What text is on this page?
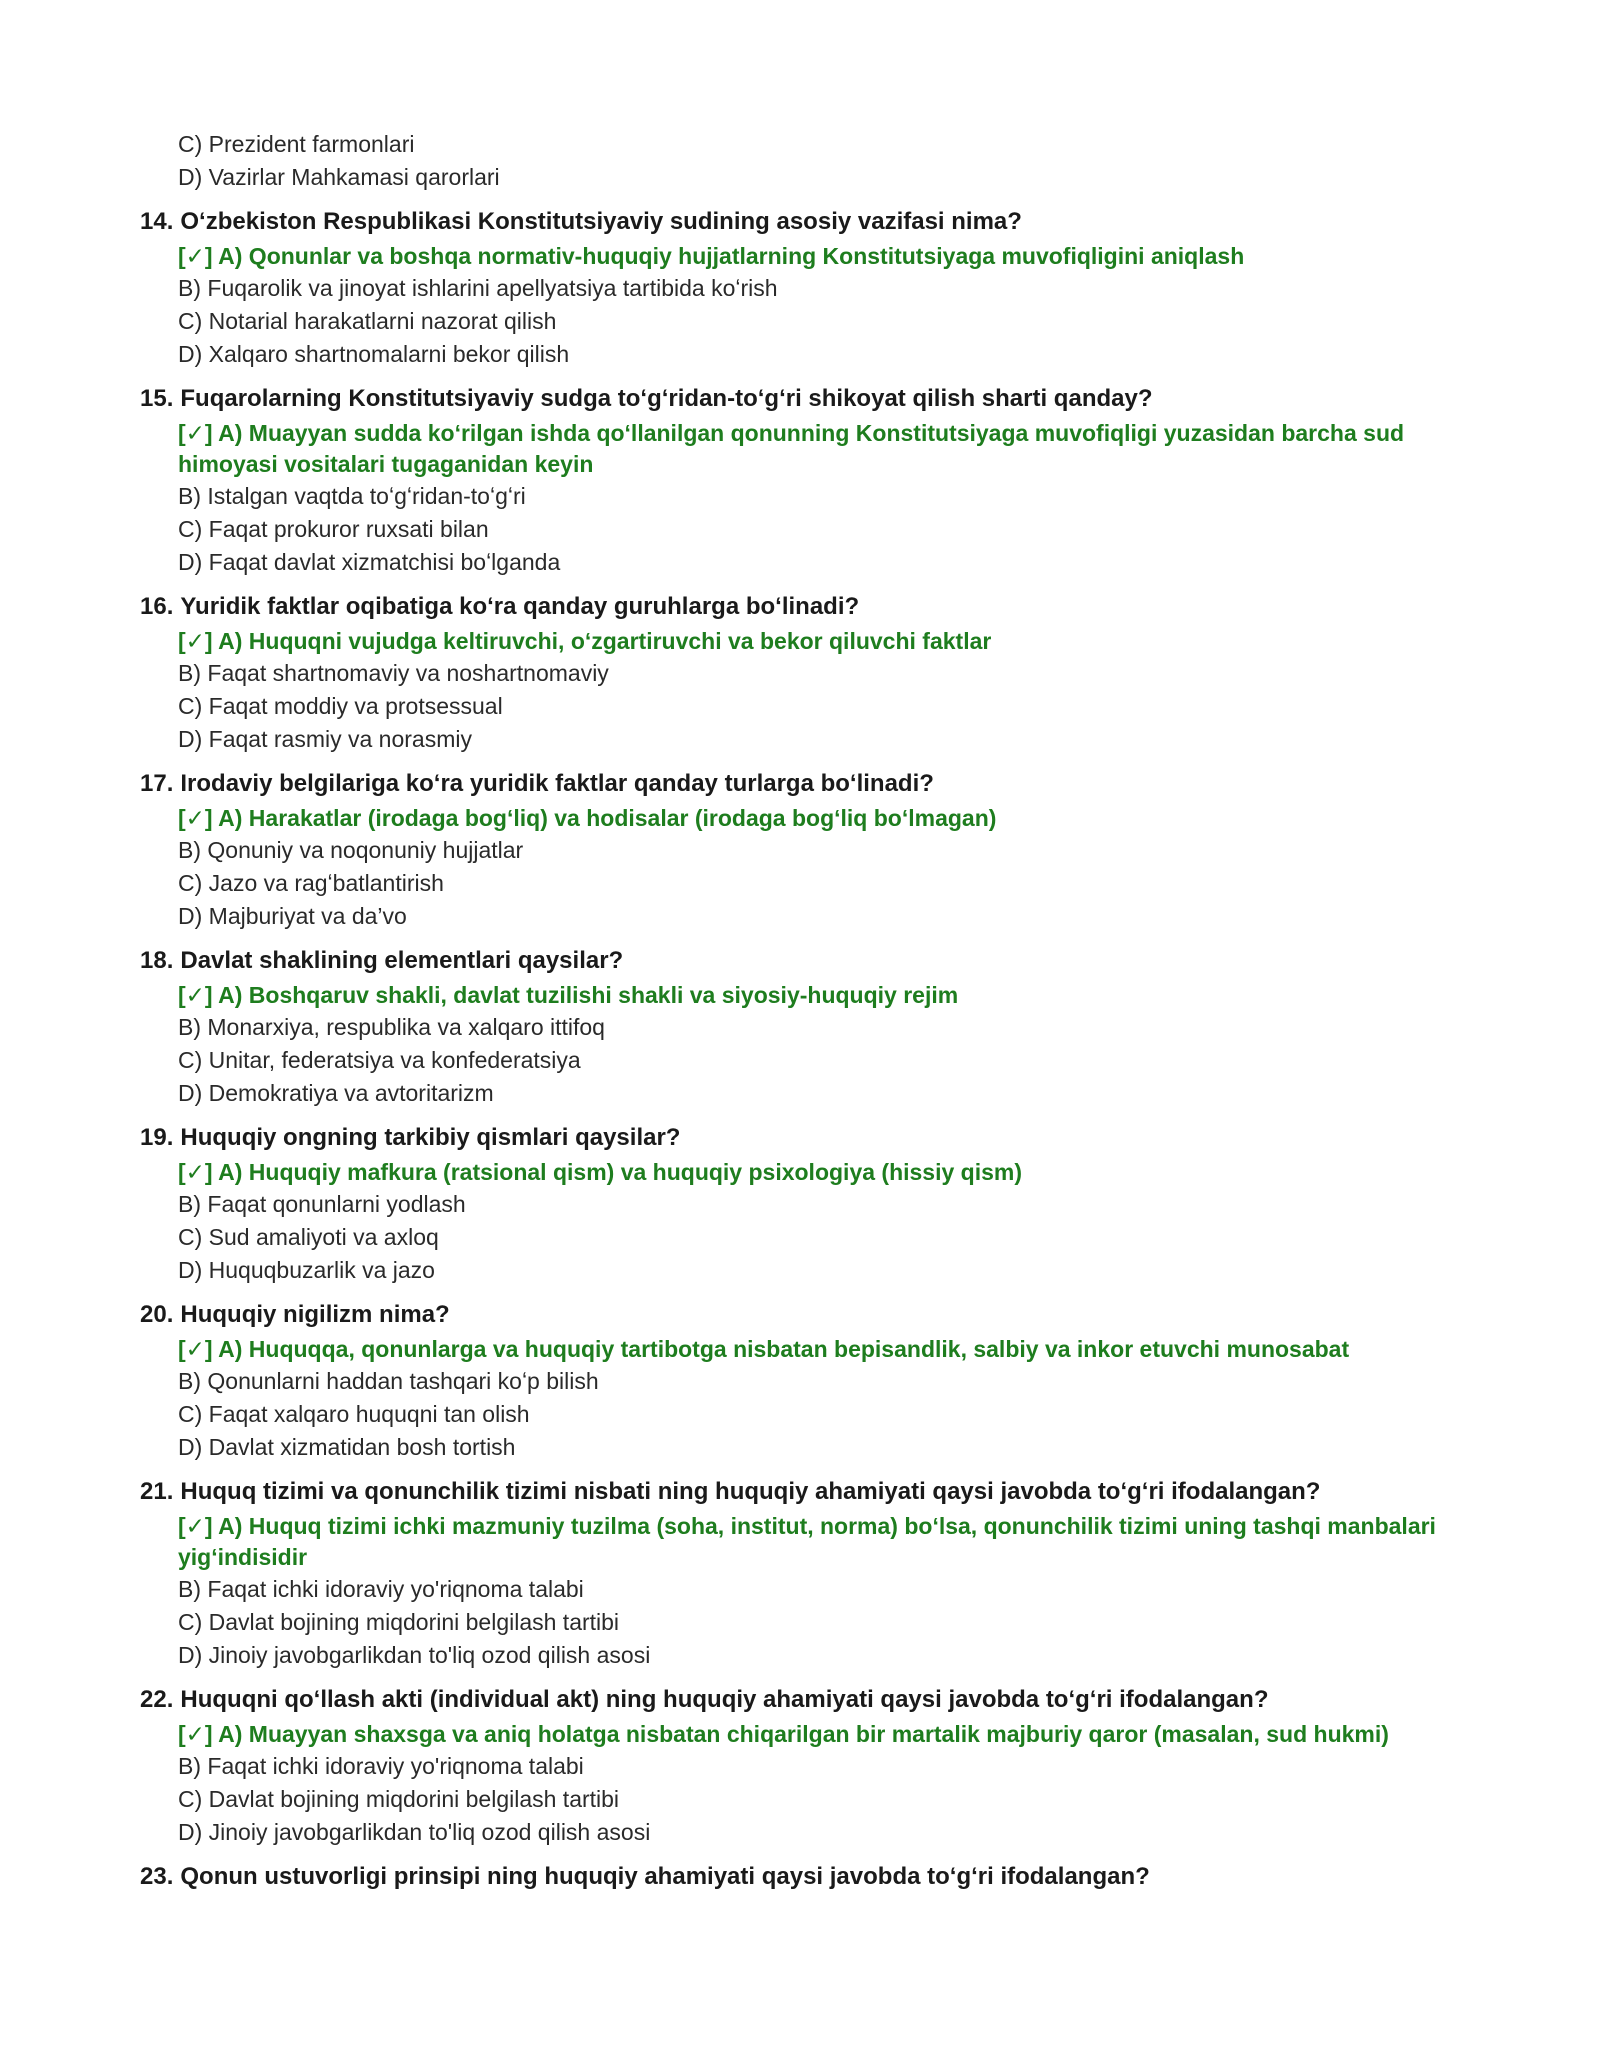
C) Prezident farmonlari
D) Vazirlar Mahkamasi qarorlari
14. O‘zbekiston Respublikasi Konstitutsiyaviy sudining asosiy vazifasi nima?
[✓] A) Qonunlar va boshqa normativ-huquqiy hujjatlarning Konstitutsiyaga muvofiqligini aniqlash
B) Fuqarolik va jinoyat ishlarini apellyatsiya tartibida koʻrish
C) Notarial harakatlarni nazorat qilish
D) Xalqaro shartnomalarni bekor qilish
15. Fuqarolarning Konstitutsiyaviy sudga to‘g‘ridan-to‘g‘ri shikoyat qilish sharti qanday?
[✓] A) Muayyan sudda ko‘rilgan ishda qo‘llanilgan qonunning Konstitutsiyaga muvofiqligi yuzasidan barcha sud himoyasi vositalari tugaganidan keyin
B) Istalgan vaqtda toʻgʻridan-toʻgʻri
C) Faqat prokuror ruxsati bilan
D) Faqat davlat xizmatchisi boʻlganda
16. Yuridik faktlar oqibatiga ko‘ra qanday guruhlarga bo‘linadi?
[✓] A) Huquqni vujudga keltiruvchi, o‘zgartiruvchi va bekor qiluvchi faktlar
B) Faqat shartnomaviy va noshartnomaviy
C) Faqat moddiy va protsessual
D) Faqat rasmiy va norasmiy
17. Irodaviy belgilariga ko‘ra yuridik faktlar qanday turlarga bo‘linadi?
[✓] A) Harakatlar (irodaga bog‘liq) va hodisalar (irodaga bog‘liq bo‘lmagan)
B) Qonuniy va noqonuniy hujjatlar
C) Jazo va ragʻbatlantirish
D) Majburiyat va da’vo
18. Davlat shaklining elementlari qaysilar?
[✓] A) Boshqaruv shakli, davlat tuzilishi shakli va siyosiy-huquqiy rejim
B) Monarxiya, respublika va xalqaro ittifoq
C) Unitar, federatsiya va konfederatsiya
D) Demokratiya va avtoritarizm
19. Huquqiy ongning tarkibiy qismlari qaysilar?
[✓] A) Huquqiy mafkura (ratsional qism) va huquqiy psixologiya (hissiy qism)
B) Faqat qonunlarni yodlash
C) Sud amaliyoti va axloq
D) Huquqbuzarlik va jazo
20. Huquqiy nigilizm nima?
[✓] A) Huquqqa, qonunlarga va huquqiy tartibotga nisbatan bepisandlik, salbiy va inkor etuvchi munosabat
B) Qonunlarni haddan tashqari koʻp bilish
C) Faqat xalqaro huquqni tan olish
D) Davlat xizmatidan bosh tortish
21. Huquq tizimi va qonunchilik tizimi nisbati ning huquqiy ahamiyati qaysi javobda to‘g‘ri ifodalangan?
[✓] A) Huquq tizimi ichki mazmuniy tuzilma (soha, institut, norma) bo‘lsa, qonunchilik tizimi uning tashqi manbalari yig‘indisidir
B) Faqat ichki idoraviy yo'riqnoma talabi
C) Davlat bojining miqdorini belgilash tartibi
D) Jinoiy javobgarlikdan to'liq ozod qilish asosi
22. Huquqni qo‘llash akti (individual akt) ning huquqiy ahamiyati qaysi javobda to‘g‘ri ifodalangan?
[✓] A) Muayyan shaxsga va aniq holatga nisbatan chiqarilgan bir martalik majburiy qaror (masalan, sud hukmi)
B) Faqat ichki idoraviy yo'riqnoma talabi
C) Davlat bojining miqdorini belgilash tartibi
D) Jinoiy javobgarlikdan to'liq ozod qilish asosi
23. Qonun ustuvorligi prinsipi ning huquqiy ahamiyati qaysi javobda to‘g‘ri ifodalangan?
